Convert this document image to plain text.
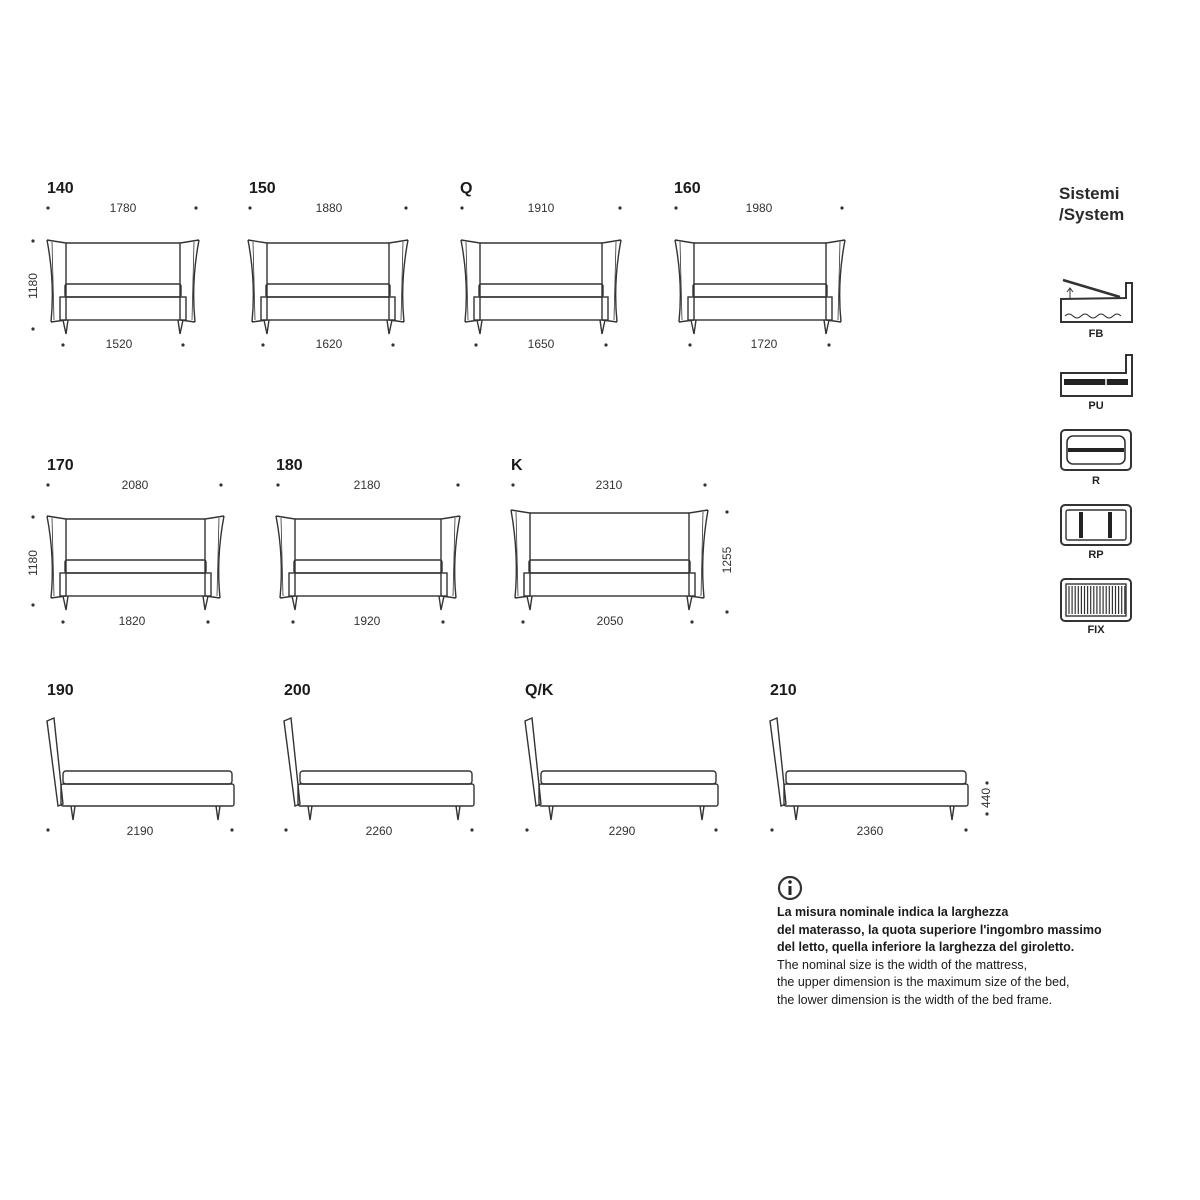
140	150	Q	160
1780	1880	1910	1980
1520	1620	1650	1720
1180
170	180	K
2080	2180	2310
1820	1920	2050
1180	1255
190	200	Q/K	210
2190	2260	2290	2360
440
Sistemi
/System
FB
PU
R
RP
FIX
La misura nominale indica la larghezza
del materasso, la quota superiore l'ingombro massimo
del letto, quella inferiore la larghezza del giroletto.
The nominal size is the width of the mattress,
the upper dimension is the maximum size of the bed,
the lower dimension is the width of the bed frame.
